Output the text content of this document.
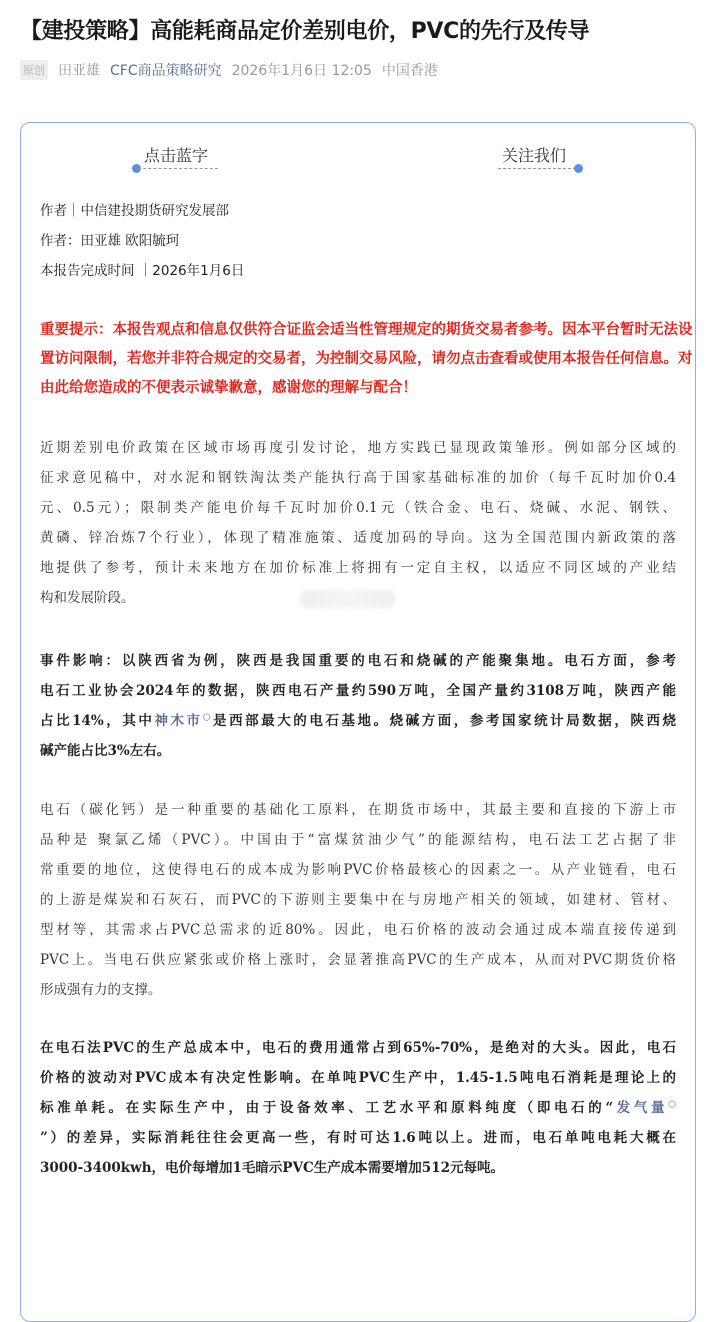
【建投策略】高能耗商品定价差别电价，PVC的先行及传导
原创 田亚雄 CFC商品策略研究 2026年1月6日 12:05 中国香港
点击蓝字	关注我们
作者｜中信建投期货研究发展部
作者：田亚雄 欧阳毓珂
本报告完成时间 ｜2026年1月6日
重要提示：本报告观点和信息仅供符合证监会适当性管理规定的期货交易者参考。因本平台暂时无法设
置访问限制，若您并非符合规定的交易者，为控制交易风险，请勿点击查看或使用本报告任何信息。对
由此给您造成的不便表示诚挚歉意，感谢您的理解与配合！
近期差别电价政策在区域市场再度引发讨论，地方实践已显现政策雏形。例如部分区域的
征求意见稿中，对水泥和钢铁淘汰类产能执行高于国家基础标准的加价（每千瓦时加价0.4
元、0.5元）；限制类产能电价每千瓦时加价0.1元（铁合金、电石、烧碱、水泥、钢铁、
黄磷、锌冶炼7个行业），体现了精准施策、适度加码的导向。这为全国范围内新政策的落
地提供了参考，预计未来地方在加价标准上将拥有一定自主权，以适应不同区域的产业结
构和发展阶段。
事件影响：以陕西省为例，陕西是我国重要的电石和烧碱的产能聚集地。电石方面，参考
电石工业协会2024年的数据，陕西电石产量约590万吨，全国产量约3108万吨，陕西产能
占比14%，其中神木市○是西部最大的电石基地。烧碱方面，参考国家统计局数据，陕西烧
碱产能占比3%左右。
电石（碳化钙）是一种重要的基础化工原料，在期货市场中，其最主要和直接的下游上市
品种是 聚氯乙烯（PVC）。中国由于“富煤贫油少气”的能源结构，电石法工艺占据了非
常重要的地位，这使得电石的成本成为影响PVC价格最核心的因素之一。从产业链看，电石
的上游是煤炭和石灰石，而PVC的下游则主要集中在与房地产相关的领域，如建材、管材、
型材等，其需求占PVC总需求的近80%。因此，电石价格的波动会通过成本端直接传递到
PVC上。当电石供应紧张或价格上涨时，会显著推高PVC的生产成本，从而对PVC期货价格
形成强有力的支撑。
在电石法PVC的生产总成本中，电石的费用通常占到65%-70%，是绝对的大头。因此，电石
价格的波动对PVC成本有决定性影响。在单吨PVC生产中，1.45-1.5吨电石消耗是理论上的
标准单耗。在实际生产中，由于设备效率、工艺水平和原料纯度（即电石的“发气量○
”）的差异，实际消耗往往会更高一些，有时可达1.6吨以上。进而，电石单吨电耗大概在
3000-3400kwh，电价每增加1毛暗示PVC生产成本需要增加512元每吨。
